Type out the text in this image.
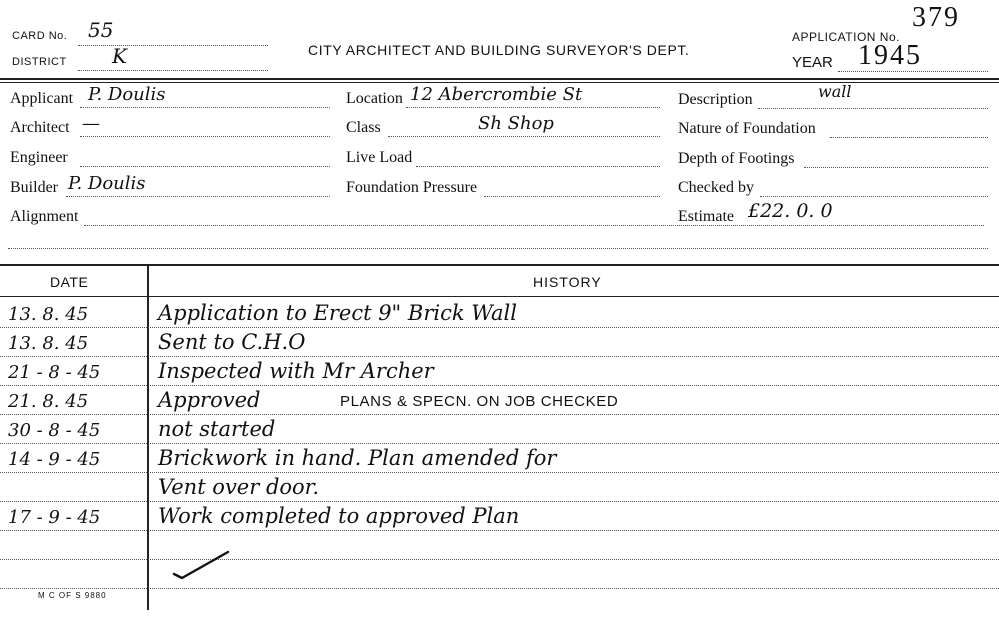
CARD No. 55
DISTRICT K	CITY ARCHITECT AND BUILDING SURVEYOR'S DEPT.
APPLICATION No.
379
YEAR 1945
Applicant P. Doulis
Architect —
Engineer
Builder P. Doulis
Alignment
Location 12 Abercrombie St
Class	Sh Shop
Live Load
Foundation Pressure
Description	wall
Nature of Foundation
Depth of Footings
Checked by
Estimate £22. 0. 0
DATE	HISTORY
13. 8. 45	Application to Erect 9" Brick Wall
13. 8. 45	Sent to C.H.O
21 - 8 - 45	Inspected with Mr Archer
21. 8. 45	Approved	PLANS & SPECN. ON JOB CHECKED
30 - 8 - 45	not started
14 - 9 - 45	Brickwork in hand. Plan amended for
Vent over door.
17 - 9 - 45	Work completed to approved Plan
M C OF S 9880
